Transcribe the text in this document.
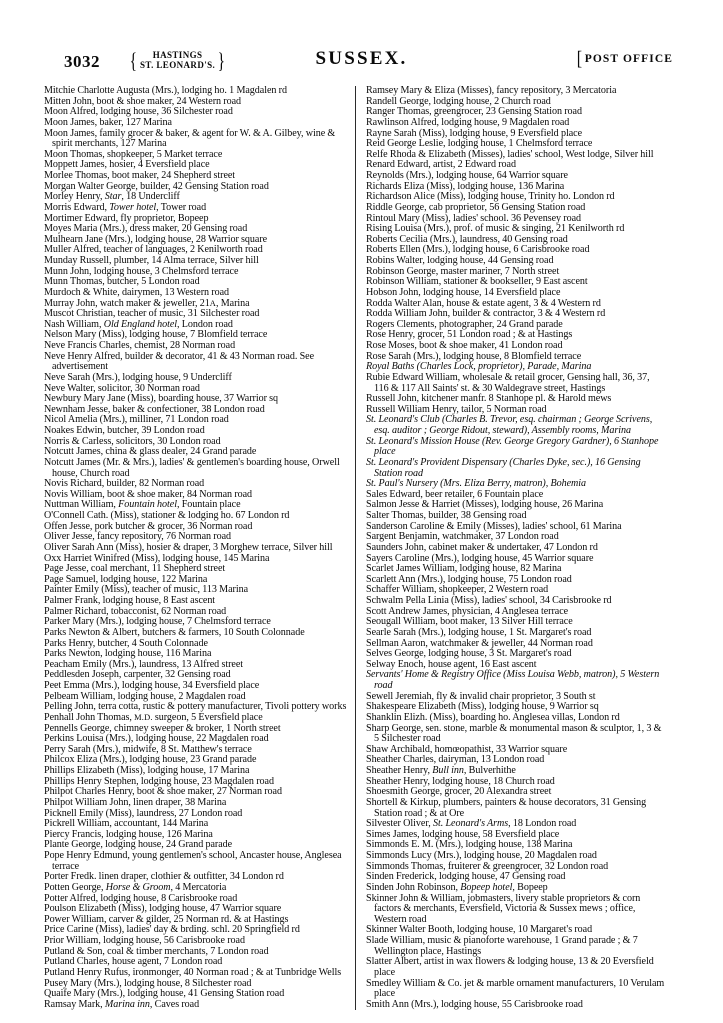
3032 {	HASTINGS
ST. LEONARD'S. }	SUSSEX.	[ POST OFFICE

Mitchie Charlotte Augusta (Mrs.), lodging ho. 1 Magdalen rd

Mitten John, boot & shoe maker, 24 Western road

Moon Alfred, lodging house, 36 Silchester road

Moon James, baker, 127 Marina

Moon James, family grocer & baker, & agent for W. & A. Gilbey, wine & spirit merchants, 127 Marina

Moon Thomas, shopkeeper, 5 Market terrace

Moppett James, hosier, 4 Eversfield place

Morlee Thomas, boot maker, 24 Shepherd street

Morgan Walter George, builder, 42 Gensing Station road

Morley Henry, Star, 18 Undercliff

Morris Edward, Tower hotel, Tower road

Mortimer Edward, fly proprietor, Bopeep

Moyes Maria (Mrs.), dress maker, 20 Gensing road

Mulhearn Jane (Mrs.), lodging house, 28 Warrior square

Muller Alfred, teacher of languages, 2 Kenilworth road

Munday Russell, plumber, 14 Alma terrace, Silver hill

Munn John, lodging house, 3 Chelmsford terrace

Munn Thomas, butcher, 5 London road

Murdoch & White, dairymen, 13 Western road

Murray John, watch maker & jeweller, 21A, Marina

Muscot Christian, teacher of music, 31 Silchester road

Nash William, Old England hotel, London road

Nelson Mary (Miss), lodging house, 7 Blomfield terrace

Neve Francis Charles, chemist, 28 Norman road

Neve Henry Alfred, builder & decorator, 41 & 43 Norman road. See advertisement

Neve Sarah (Mrs.), lodging house, 9 Undercliff

Neve Walter, solicitor, 30 Norman road

Newbury Mary Jane (Miss), boarding house, 37 Warrior sq

Newnham Jesse, baker & confectioner, 38 London road

Nicol Amelia (Mrs.), milliner, 71 London road

Noakes Edwin, butcher, 39 London road

Norris & Carless, solicitors, 30 London road

Notcutt James, china & glass dealer, 24 Grand parade

Notcutt James (Mr. & Mrs.), ladies' & gentlemen's boarding house, Orwell house, Church road

Novis Richard, builder, 82 Norman road

Novis William, boot & shoe maker, 84 Norman road

Nuttman William, Fountain hotel, Fountain place

O'Connell Cath. (Miss), stationer & lodging ho. 67 London rd

Offen Jesse, pork butcher & grocer, 36 Norman road

Oliver Jesse, fancy repository, 76 Norman road

Oliver Sarah Ann (Miss), hosier & draper, 3 Morghew terrace, Silver hill

Oxx Harriet Winifred (Miss), lodging house, 145 Marina

Page Jesse, coal merchant, 11 Shepherd street

Page Samuel, lodging house, 122 Marina

Painter Emily (Miss), teacher of music, 113 Marina

Palmer Frank, lodging house, 8 East ascent

Palmer Richard, tobacconist, 62 Norman road

Parker Mary (Mrs.), lodging house, 7 Chelmsford terrace

Parks Newton & Albert, butchers & farmers, 10 South Colonnade

Parks Henry, butcher, 4 South Colonnade

Parks Newton, lodging house, 116 Marina

Peacham Emily (Mrs.), laundress, 13 Alfred street

Peddlesden Joseph, carpenter, 32 Gensing road

Peet Emma (Mrs.), lodging house, 34 Eversfield place

Pelbeam William, lodging house, 2 Magdalen road

Pelling John, terra cotta, rustic & pottery manufacturer, Tivoli pottery works

Penhall John Thomas, M.D. surgeon, 5 Eversfield place

Pennells George, chimney sweeper & broker, 1 North street

Perkins Louisa (Mrs.), lodging house, 22 Magdalen road

Perry Sarah (Mrs.), midwife, 8 St. Matthew's terrace

Philcox Eliza (Mrs.), lodging house, 23 Grand parade

Phillips Elizabeth (Miss), lodging house, 17 Marina

Phillips Henry Stephen, lodging house, 23 Magdalen road

Philpot Charles Henry, boot & shoe maker, 27 Norman road

Philpot William John, linen draper, 38 Marina

Picknell Emily (Miss), laundress, 27 London road

Pickrell William, accountant, 144 Marina

Piercy Francis, lodging house, 126 Marina

Plante George, lodging house, 24 Grand parade

Pope Henry Edmund, young gentlemen's school, Ancaster house, Anglesea terrace

Porter Fredk. linen draper, clothier & outfitter, 34 London rd

Potten George, Horse & Groom, 4 Mercatoria

Potter Alfred, lodging house, 8 Carisbrooke road

Poulson Elizabeth (Miss), lodging house, 47 Warrior square

Power William, carver & gilder, 25 Norman rd. & at Hastings

Price Carine (Miss), ladies' day & brding. schl. 20 Springfield rd

Prior William, lodging house, 56 Carisbrooke road

Putland & Son, coal & timber merchants, 7 London road

Putland Charles, house agent, 7 London road

Putland Henry Rufus, ironmonger, 40 Norman road ; & at Tunbridge Wells

Pusey Mary (Mrs.), lodging house, 8 Silchester road

Quaife Mary (Mrs.), lodging house, 41 Gensing Station road

Ramsay Mark, Marina inn, Caves road

Ramsey Mary & Eliza (Misses), fancy repository, 3 Mercatoria

Randell George, lodging house, 2 Church road

Ranger Thomas, greengrocer, 23 Gensing Station road

Rawlinson Alfred, lodging house, 9 Magdalen road

Rayne Sarah (Miss), lodging house, 9 Eversfield place

Reid George Leslie, lodging house, 1 Chelmsford terrace

Relfe Rhoda & Elizabeth (Misses), ladies' school, West lodge, Silver hill

Renard Edward, artist, 2 Edward road

Reynolds (Mrs.), lodging house, 64 Warrior square

Richards Eliza (Miss), lodging house, 136 Marina

Richardson Alice (Miss), lodging house, Trinity ho. London rd

Riddle George, cab proprietor, 56 Gensing Station road

Rintoul Mary (Miss), ladies' school. 36 Pevensey road

Rising Louisa (Mrs.), prof. of music & singing, 21 Kenilworth rd

Roberts Cecilia (Mrs.), laundress, 40 Gensing road

Roberts Ellen (Mrs.), lodging house, 6 Carisbrooke road

Robins Walter, lodging house, 44 Gensing road

Robinson George, master mariner, 7 North street

Robinson William, stationer & bookseller, 9 East ascent

Hobson John, lodging house, 14 Eversfield place

Rodda Walter Alan, house & estate agent, 3 & 4 Western rd

Rodda William John, builder & contractor, 3 & 4 Western rd

Rogers Clements, photographer, 24 Grand parade

Rose Henry, grocer, 51 London road ; & at Hastings

Rose Moses, boot & shoe maker, 41 London road

Rose Sarah (Mrs.), lodging house, 8 Blomfield terrace

Royal Baths (Charles Lock, proprietor), Parade, Marina

Rubie Edward William, wholesale & retail grocer, Gensing hall, 36, 37, 116 & 117 All Saints' st. & 30 Waldegrave street, Hastings

Russell John, kitchener manfr. 8 Stanhope pl. & Harold mews

Russell William Henry, tailor, 5 Norman road

St. Leonard's Club (Charles B. Trevor, esq. chairman ; George Scrivens, esq. auditor ; George Ridout, steward), Assembly rooms, Marina

St. Leonard's Mission House (Rev. George Gregory Gardner), 6 Stanhope place

St. Leonard's Provident Dispensary (Charles Dyke, sec.), 16 Gensing Station road

St. Paul's Nursery (Mrs. Eliza Berry, matron), Bohemia

Sales Edward, beer retailer, 6 Fountain place

Salmon Jesse & Harriet (Misses), lodging house, 26 Marina

Salter Thomas, builder, 38 Gensing road

Sanderson Caroline & Emily (Misses), ladies' school, 61 Marina

Sargent Benjamin, watchmaker, 37 London road

Saunders John, cabinet maker & undertaker, 47 London rd

Sayers Caroline (Mrs.), lodging house, 45 Warrior square

Scarlet James William, lodging house, 82 Marina

Scarlett Ann (Mrs.), lodging house, 75 London road

Schaffer William, shopkeeper, 2 Western road

Schwalm Pella Linia (Miss), ladies' school, 34 Carisbrooke rd

Scott Andrew James, physician, 4 Anglesea terrace

Seougall William, boot maker, 13 Silver Hill terrace

Searle Sarah (Mrs.), lodging house, 1 St. Margaret's road

Sellman Aaron, watchmaker & jeweller, 44 Norman road

Selves George, lodging house, 3 St. Margaret's road

Selway Enoch, house agent, 16 East ascent

Servants' Home & Registry Office (Miss Louisa Webb, matron), 5 Western road

Sewell Jeremiah, fly & invalid chair proprietor, 3 South st

Shakespeare Elizabeth (Miss), lodging house, 9 Warrior sq

Shanklin Elizh. (Miss), boarding ho. Anglesea villas, London rd

Sharp George, sen. stone, marble & monumental mason & sculptor, 1, 3 & 5 Silchester road

Shaw Archibald, homœopathist, 33 Warrior square

Sheather Charles, dairyman, 13 London road

Sheather Henry, Bull inn, Bulverhithe

Sheather Henry, lodging house, 18 Church road

Shoesmith George, grocer, 20 Alexandra street

Shortell & Kirkup, plumbers, painters & house decorators, 31 Gensing Station road ; & at Ore

Silvester Oliver, St. Leonard's Arms, 18 London road

Simes James, lodging house, 58 Eversfield place

Simmonds E. M. (Mrs.), lodging house, 138 Marina

Simmonds Lucy (Mrs.), lodging house, 20 Magdalen road

Simmonds Thomas, fruiterer & greengrocer, 32 London road

Sinden Frederick, lodging house, 47 Gensing road

Sinden John Robinson, Bopeep hotel, Bopeep

Skinner John & William, jobmasters, livery stable proprietors & corn factors & merchants, Eversfield, Victoria & Sussex mews ; office, Western road

Skinner Walter Booth, lodging house, 10 Margaret's road

Slade William, music & pianoforte warehouse, 1 Grand parade ; & 7 Wellington place, Hastings

Slatter Albert, artist in wax flowers & lodging house, 13 & 20 Eversfield place

Smedley William & Co. jet & marble ornament manufacturers, 10 Verulam place

Smith Ann (Mrs.), lodging house, 55 Carisbrooke road
